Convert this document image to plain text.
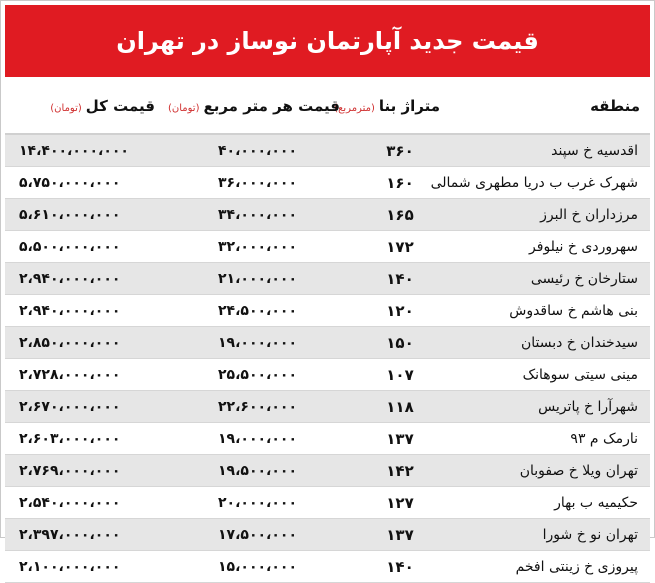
قیمت جدید آپارتمان نوساز در تهران
منطقه	متراژ بنا(مترمربع)	قیمت هر متر مربع(تومان)	قیمت کل(تومان)
اقدسیه خ سپند	۳۶۰	۴۰،۰۰۰،۰۰۰	۱۴،۴۰۰،۰۰۰،۰۰۰
شهرک غرب ب دریا مطهری شمالی	۱۶۰	۳۶،۰۰۰،۰۰۰	۵،۷۵۰،۰۰۰،۰۰۰
مرزداران خ البرز	۱۶۵	۳۴،۰۰۰،۰۰۰	۵،۶۱۰،۰۰۰،۰۰۰
سهروردی خ نیلوفر	۱۷۲	۳۲،۰۰۰،۰۰۰	۵،۵۰۰،۰۰۰،۰۰۰
ستارخان خ رئیسی	۱۴۰	۲۱،۰۰۰،۰۰۰	۲،۹۴۰،۰۰۰،۰۰۰
بنی هاشم خ ساقدوش	۱۲۰	۲۴،۵۰۰،۰۰۰	۲،۹۴۰،۰۰۰،۰۰۰
سیدخندان خ دبستان	۱۵۰	۱۹،۰۰۰،۰۰۰	۲،۸۵۰،۰۰۰،۰۰۰
مینی سیتی سوهانک	۱۰۷	۲۵،۵۰۰،۰۰۰	۲،۷۲۸،۰۰۰،۰۰۰
شهرآرا خ پاتریس	۱۱۸	۲۲،۶۰۰،۰۰۰	۲،۶۷۰،۰۰۰،۰۰۰
نارمک م ۹۳	۱۳۷	۱۹،۰۰۰،۰۰۰	۲،۶۰۳،۰۰۰،۰۰۰
تهران ویلا خ صفوبان	۱۴۲	۱۹،۵۰۰،۰۰۰	۲،۷۶۹،۰۰۰،۰۰۰
حکیمیه ب بهار	۱۲۷	۲۰،۰۰۰،۰۰۰	۲،۵۴۰،۰۰۰،۰۰۰
تهران نو خ شورا	۱۳۷	۱۷،۵۰۰،۰۰۰	۲،۳۹۷،۰۰۰،۰۰۰
پیروزی خ زینتی افخم	۱۴۰	۱۵،۰۰۰،۰۰۰	۲،۱۰۰،۰۰۰،۰۰۰
